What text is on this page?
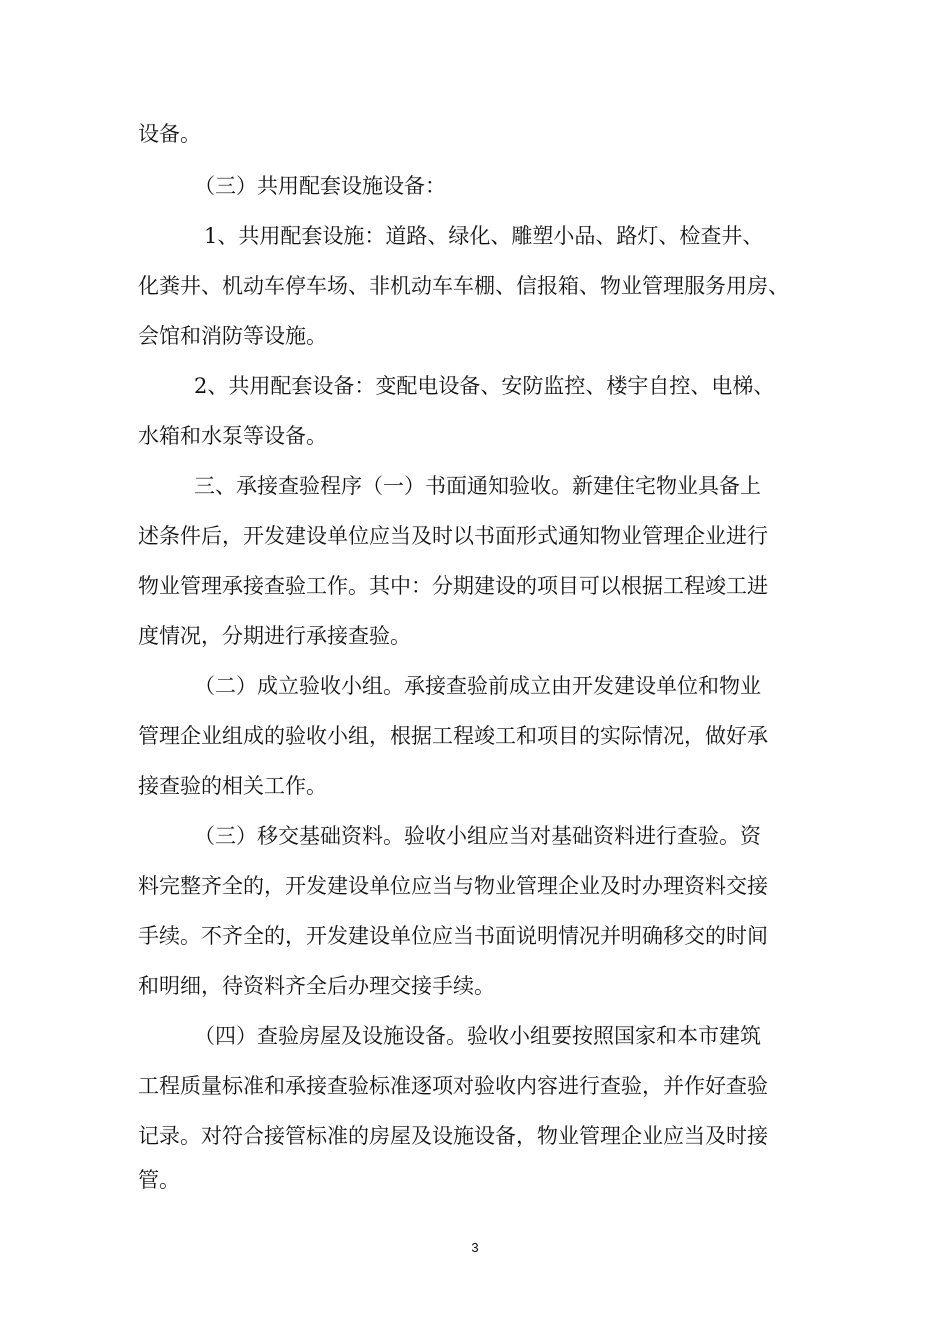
设备。
（三）共用配套设施设备：
1、共用配套设施：道路、绿化、雕塑小品、路灯、检查井、
化粪井、机动车停车场、非机动车车棚、信报箱、物业管理服务用房、
会馆和消防等设施。
2、共用配套设备：变配电设备、安防监控、楼宇自控、电梯、
水箱和水泵等设备。
三、承接查验程序（一）书面通知验收。新建住宅物业具备上
述条件后，开发建设单位应当及时以书面形式通知物业管理企业进行
物业管理承接查验工作。其中：分期建设的项目可以根据工程竣工进
度情况，分期进行承接查验。
（二）成立验收小组。承接查验前成立由开发建设单位和物业
管理企业组成的验收小组，根据工程竣工和项目的实际情况，做好承
接查验的相关工作。
（三）移交基础资料。验收小组应当对基础资料进行查验。资
料完整齐全的，开发建设单位应当与物业管理企业及时办理资料交接
手续。不齐全的，开发建设单位应当书面说明情况并明确移交的时间
和明细，待资料齐全后办理交接手续。
（四）查验房屋及设施设备。验收小组要按照国家和本市建筑
工程质量标准和承接查验标准逐项对验收内容进行查验，并作好查验
记录。对符合接管标准的房屋及设施设备，物业管理企业应当及时接
管。
3
